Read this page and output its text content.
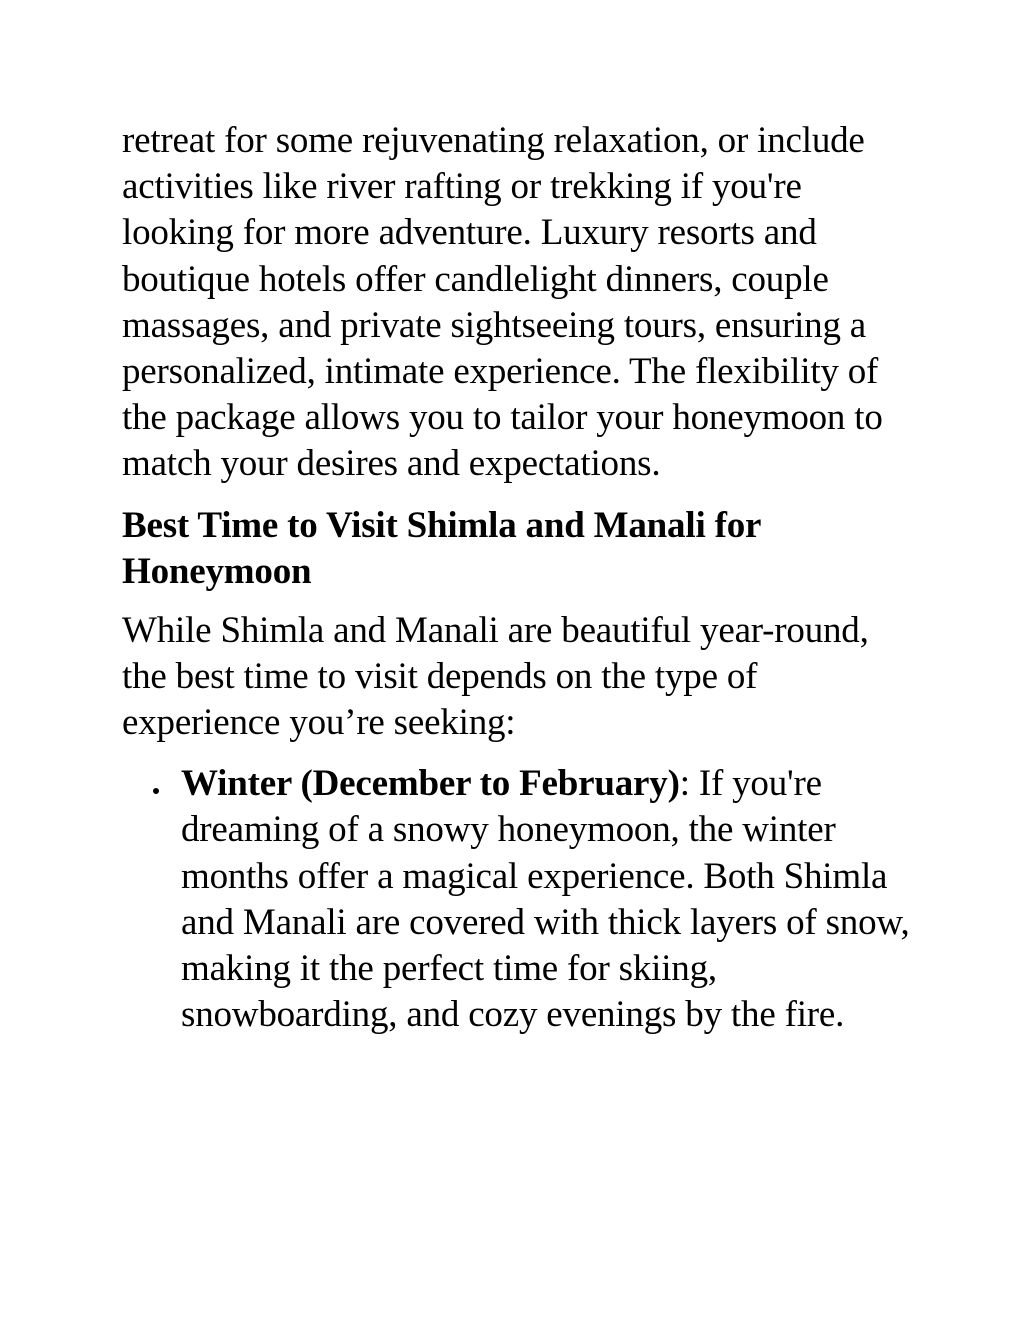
retreat for some rejuvenating relaxation, or include activities like river rafting or trekking if you're looking for more adventure. Luxury resorts and boutique hotels offer candlelight dinners, couple massages, and private sightseeing tours, ensuring a personalized, intimate experience. The flexibility of the package allows you to tailor your honeymoon to match your desires and expectations.

Best Time to Visit Shimla and Manali for Honeymoon

While Shimla and Manali are beautiful year-round, the best time to visit depends on the type of experience you’re seeking:

Winter (December to February): If you're dreaming of a snowy honeymoon, the winter months offer a magical experience. Both Shimla and Manali are covered with thick layers of snow, making it the perfect time for skiing, snowboarding, and cozy evenings by the fire.
